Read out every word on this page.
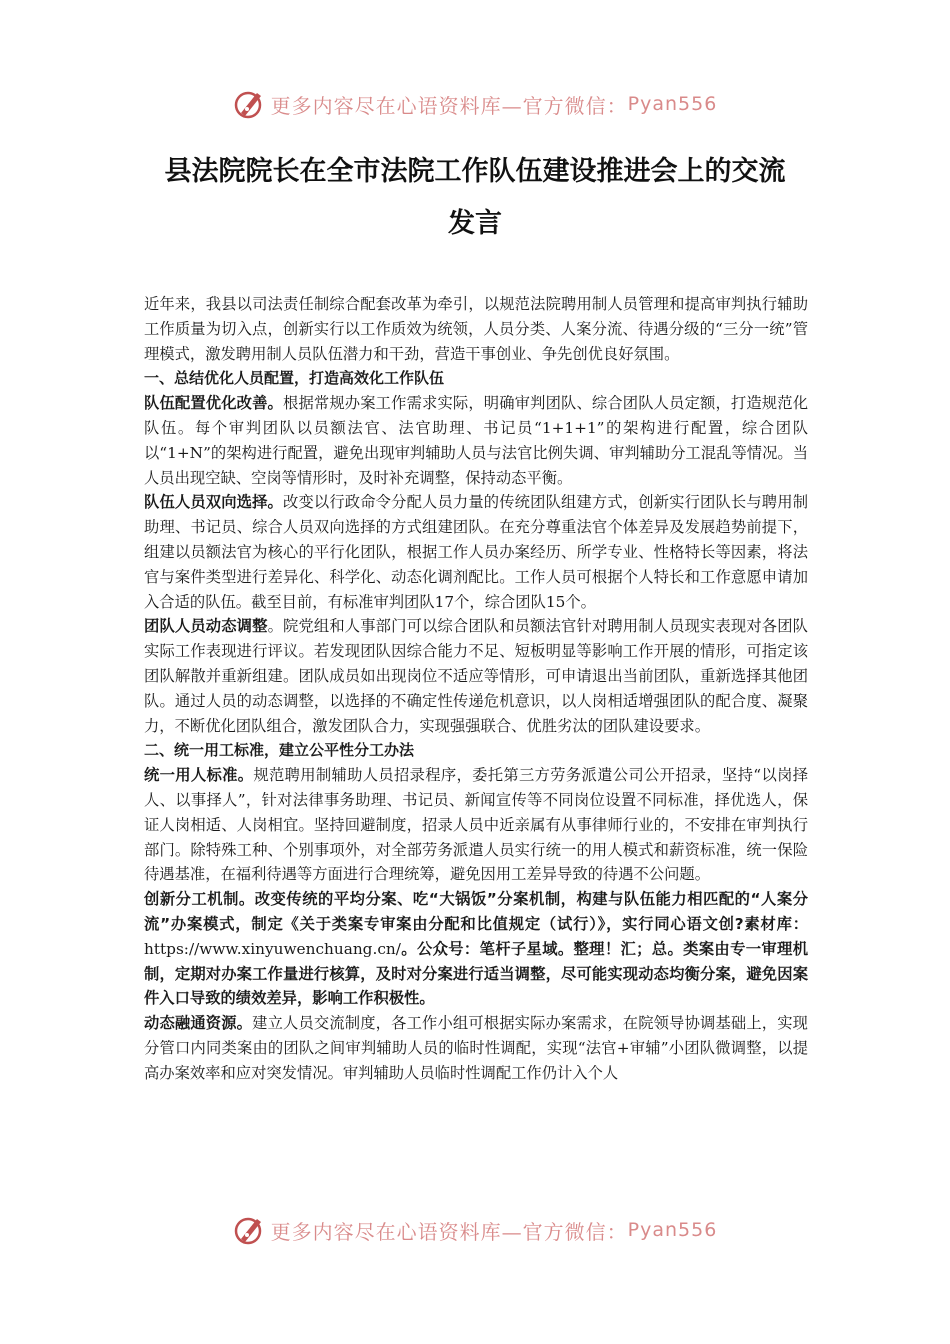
更多内容尽在心语资料库—官方微信： Pyan556
县法院院长在全市法院工作队伍建设推进会上的交流
发言

近年来，我县以司法责任制综合配套改革为牵引，以规范法院聘用制人员管理和提高审判执行辅助工作质量为切入点，创新实行以工作质效为统领，人员分类、人案分流、待遇分级的“三分一统”管理模式，激发聘用制人员队伍潜力和干劲，营造干事创业、争先创优良好氛围。

一、总结优化人员配置，打造高效化工作队伍

队伍配置优化改善。根据常规办案工作需求实际，明确审判团队、综合团队人员定额，打造规范化队伍。每个审判团队以员额法官、法官助理、书记员“1+1+1”的架构进行配置，综合团队以“1+N”的架构进行配置，避免出现审判辅助人员与法官比例失调、审判辅助分工混乱等情况。当人员出现空缺、空岗等情形时，及时补充调整，保持动态平衡。

队伍人员双向选择。改变以行政命令分配人员力量的传统团队组建方式，创新实行团队长与聘用制助理、书记员、综合人员双向选择的方式组建团队。在充分尊重法官个体差异及发展趋势前提下，组建以员额法官为核心的平行化团队，根据工作人员办案经历、所学专业、性格特长等因素，将法官与案件类型进行差异化、科学化、动态化调剂配比。工作人员可根据个人特长和工作意愿申请加入合适的队伍。截至目前，有标准审判团队17个，综合团队15个。

团队人员动态调整。院党组和人事部门可以综合团队和员额法官针对聘用制人员现实表现对各团队实际工作表现进行评议。若发现团队因综合能力不足、短板明显等影响工作开展的情形，可指定该团队解散并重新组建。团队成员如出现岗位不适应等情形，可申请退出当前团队，重新选择其他团队。通过人员的动态调整，以选择的不确定性传递危机意识，以人岗相适增强团队的配合度、凝聚力，不断优化团队组合，激发团队合力，实现强强联合、优胜劣汰的团队建设要求。

二、统一用工标准，建立公平性分工办法

统一用人标准。规范聘用制辅助人员招录程序，委托第三方劳务派遣公司公开招录，坚持“以岗择人、以事择人”，针对法律事务助理、书记员、新闻宣传等不同岗位设置不同标准，择优选人，保证人岗相适、人岗相宜。坚持回避制度，招录人员中近亲属有从事律师行业的，不安排在审判执行部门。除特殊工种、个别事项外，对全部劳务派遣人员实行统一的用人模式和薪资标准，统一保险待遇基准，在福利待遇等方面进行合理统筹，避免因用工差异导致的待遇不公问题。

创新分工机制。改变传统的平均分案、吃“大锅饭”分案机制，构建与队伍能力相匹配的“人案分流”办案模式，制定《关于类案专审案由分配和比值规定（试行）》，实行同心语文创?素材库：https://www.xinyuwenchuang.cn/。公众号：笔杆子星域。整理！汇；总。类案由专一审理机制，定期对办案工作量进行核算，及时对分案进行适当调整，尽可能实现动态均衡分案，避免因案件入口导致的绩效差异，影响工作积极性。

动态融通资源。建立人员交流制度，各工作小组可根据实际办案需求，在院领导协调基础上，实现分管口内同类案由的团队之间审判辅助人员的临时性调配，实现“法官+审辅”小团队微调整，以提高办案效率和应对突发情况。审判辅助人员临时性调配工作仍计入个人

更多内容尽在心语资料库—官方微信： Pyan556
